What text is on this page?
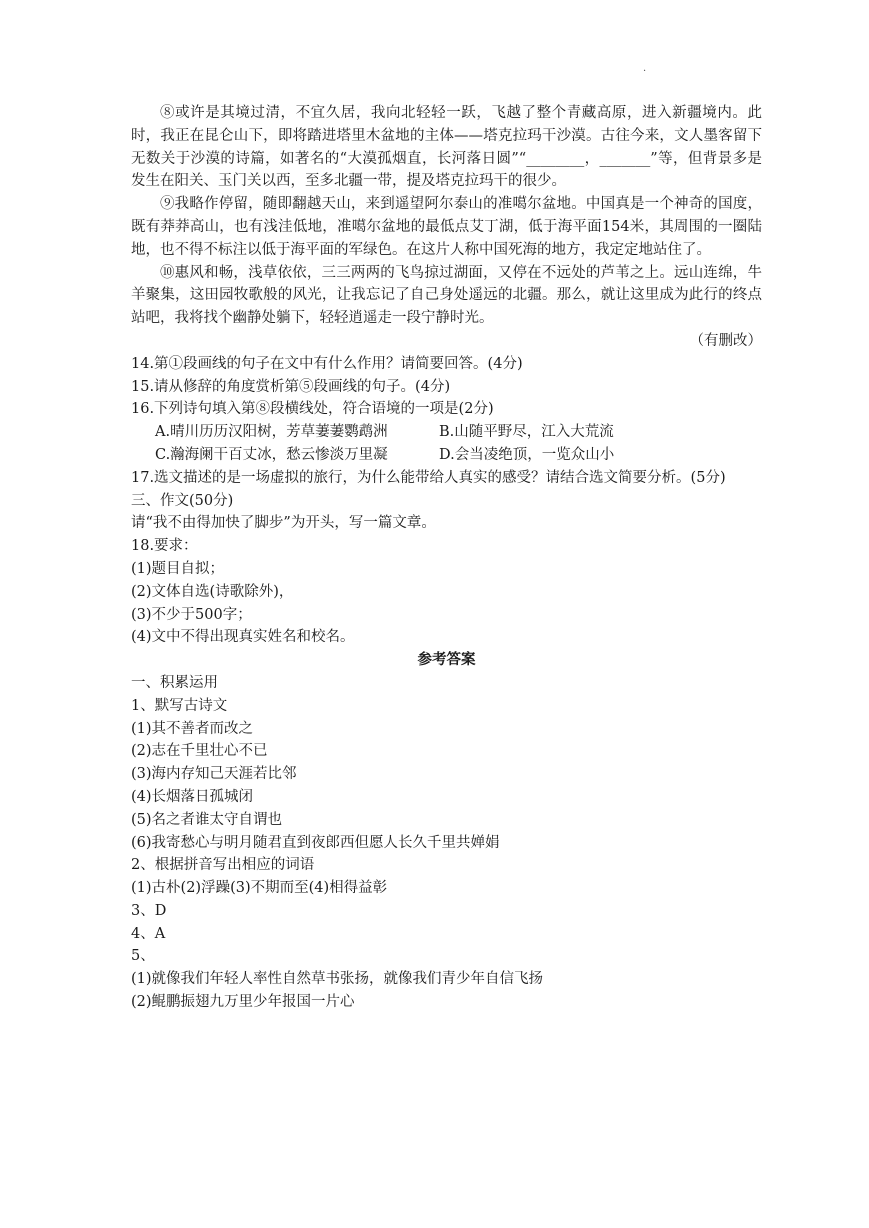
·

⑧或许是其境过清，不宜久居，我向北轻轻一跃，飞越了整个青藏高原，进入新疆境内。此时，我正在昆仑山下，即将踏进塔里木盆地的主体——塔克拉玛干沙漠。古往今来，文人墨客留下无数关于沙漠的诗篇，如著名的“大漠孤烟直，长河落日圆”“________，_______”等，但背景多是发生在阳关、玉门关以西，至多北疆一带，提及塔克拉玛干的很少。

⑨我略作停留，随即翻越天山，来到遥望阿尔泰山的准噶尔盆地。中国真是一个神奇的国度，既有莽莽高山，也有浅洼低地，准噶尔盆地的最低点艾丁湖，低于海平面154米，其周围的一圈陆地，也不得不标注以低于海平面的军绿色。在这片人称中国死海的地方，我定定地站住了。

⑩惠风和畅，浅草依依，三三两两的飞鸟掠过湖面，又停在不远处的芦苇之上。远山连绵，牛羊聚集，这田园牧歌般的风光，让我忘记了自己身处遥远的北疆。那么，就让这里成为此行的终点站吧，我将找个幽静处躺下，轻轻逍遥走一段宁静时光。

（有删改）

14.第①段画线的句子在文中有什么作用？请简要回答。(4分)

15.请从修辞的角度赏析第⑤段画线的句子。(4分)

16.下列诗句填入第⑧段横线处，符合语境的一项是(2分)

A.晴川历历汉阳树，芳草萋萋鹦鹉洲	B.山随平野尽，江入大荒流

C.瀚海阑干百丈冰，愁云惨淡万里凝	D.会当凌绝顶，一览众山小

17.选文描述的是一场虚拟的旅行，为什么能带给人真实的感受？请结合选文简要分析。(5分)

三、作文(50分)

请“我不由得加快了脚步”为开头，写一篇文章。

18.要求：

(1)题目自拟；

(2)文体自选(诗歌除外)，

(3)不少于500字；

(4)文中不得出现真实姓名和校名。

参考答案

一、积累运用

1、默写古诗文

(1)其不善者而改之

(2)志在千里壮心不已

(3)海内存知己天涯若比邻

(4)长烟落日孤城闭

(5)名之者谁太守自谓也

(6)我寄愁心与明月随君直到夜郎西但愿人长久千里共婵娟

2、根据拼音写出相应的词语

(1)古朴(2)浮躁(3)不期而至(4)相得益彰

3、D

4、A

5、

(1)就像我们年轻人率性自然草书张扬，就像我们青少年自信飞扬

(2)鲲鹏振翅九万里少年报国一片心
